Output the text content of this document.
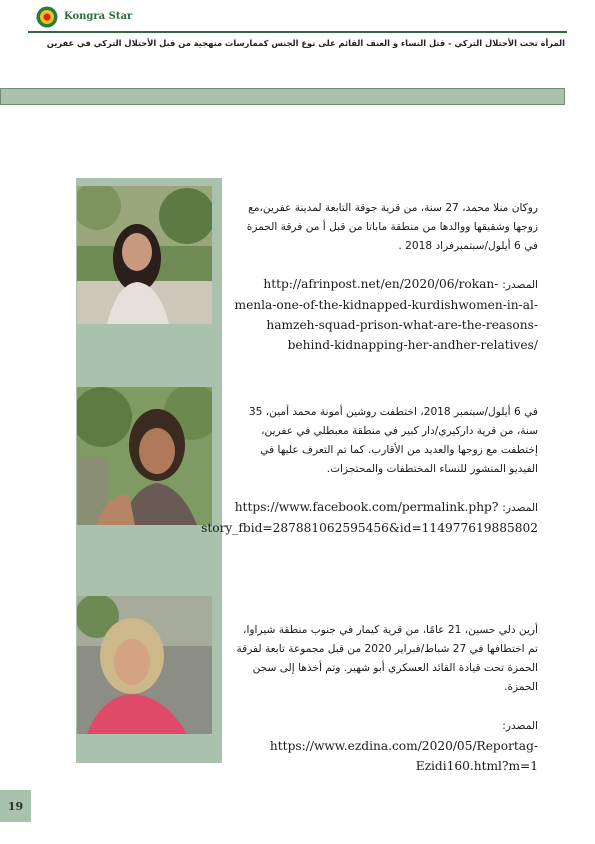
Kongra Star
المرأة تحت الأحتلال التركي - قتل النساء و العنف القائم على نوع الجنس كممارسات منهجية من قبل الأحتلال التركي في عفرين

روكان منلا محمد، 27 سنة، من قرية جوقة التابعة لمدينة عفرين،مع زوجها وشقيقها ووالدها من منطقة ماباتا من قبل أ من فرقة الحمزة في 6 أيلول/سبتمبرفراد 2018 .

المصدر: http://afrinpost.net/en/2020/06/rokan-menla-one-of-the-kidnapped-kurdishwomen-in-al-hamzeh-squad-prison-what-are-the-reasons-behind-kidnapping-her-andher-relatives/

في 6 أيلول/سبتمبر 2018، اختطفت روشين أمونة محمد أمين، 35 سنة، من قرية داركيري/دار كبير في منطقة معبطلي في عفرين، إختطفت مع زوجها والعديد من الأقارب. كما تم التعرف عليها في الفيديو المنشور للنساء المختطفات والمحتجزات.

المصدر: https://www.facebook.com/permalink.php?story_fbid=287881062595456&id=114977619885802

أرين دلي حسين، 21 عامًا، من قرية كيمار في جنوب منطقة شيراوا، تم اختطافها في 27 شباط/فبراير 2020 من قبل مجموعة تابعة لفرقة الحمزة تحت قيادة القائد العسكري أبو شهير. وتم أخذها إلى سجن الحمزة.

المصدر: https://www.ezdina.com/2020/05/Reportag-Ezidi160.html?m=1
19
